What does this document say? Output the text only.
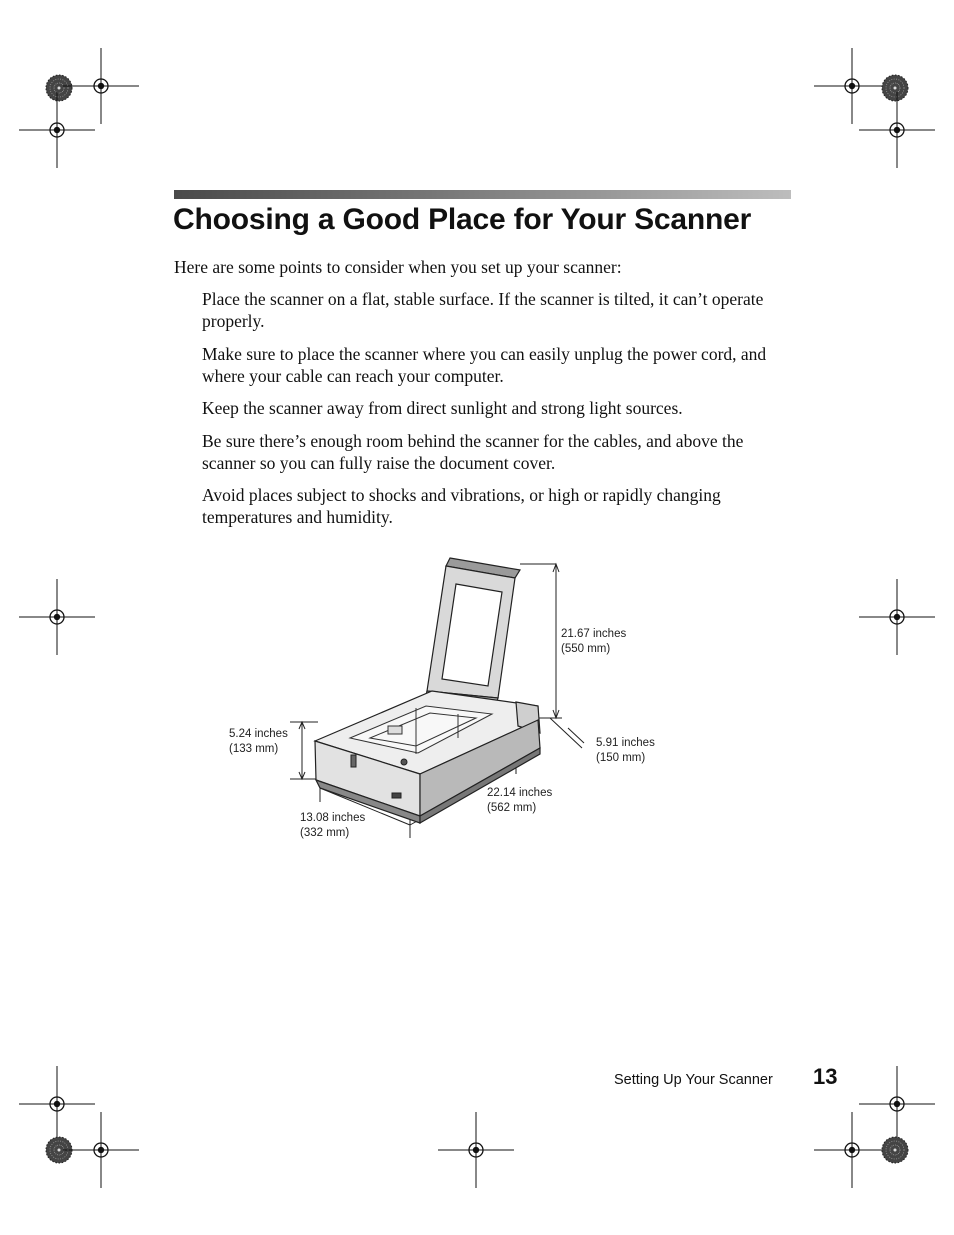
Choosing a Good Place for Your Scanner

Here are some points to consider when you set up your scanner:

Place the scanner on a flat, stable surface. If the scanner is tilted, it can’t operate properly.
Make sure to place the scanner where you can easily unplug the power cord, and where your cable can reach your computer.
Keep the scanner away from direct sunlight and strong light sources.
Be sure there’s enough room behind the scanner for the cables, and above the scanner so you can fully raise the document cover.
Avoid places subject to shocks and vibrations, or high or rapidly changing temperatures and humidity.
21.67 inches
(550 mm)
5.91 inches
(150 mm)
5.24 inches
(133 mm)
22.14 inches
(562 mm)
13.08 inches
(332 mm)
Setting Up Your Scanner 13
